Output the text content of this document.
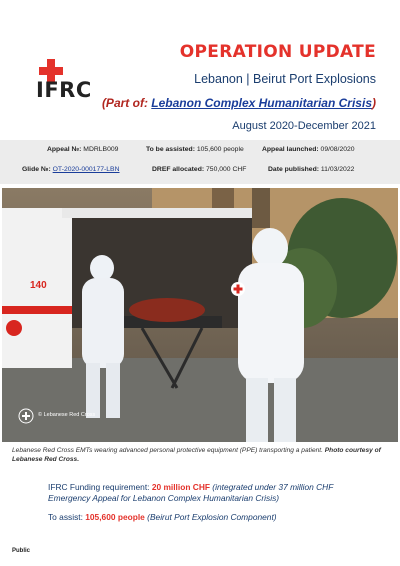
IFRC
OPERATION UPDATE
Lebanon | Beirut Port Explosions
(Part of: Lebanon Complex Humanitarian Crisis)
August 2020-December 2021
Appeal №: MDRLB009	To be assisted: 105,600 people	Appeal launched: 09/08/2020
Glide №: OT-2020-000177-LBN	DREF allocated: 750,000 CHF	Date published: 11/03/2022
140
© Lebanese Red Cross
Lebanese Red Cross EMTs wearing advanced personal protective equipment (PPE) transporting a patient. Photo courtesy of Lebanese Red Cross.
IFRC Funding requirement: 20 million CHF (integrated under 37 million CHF Emergency Appeal for Lebanon Complex Humanitarian Crisis)
To assist: 105,600 people (Beirut Port Explosion Component)
Public
